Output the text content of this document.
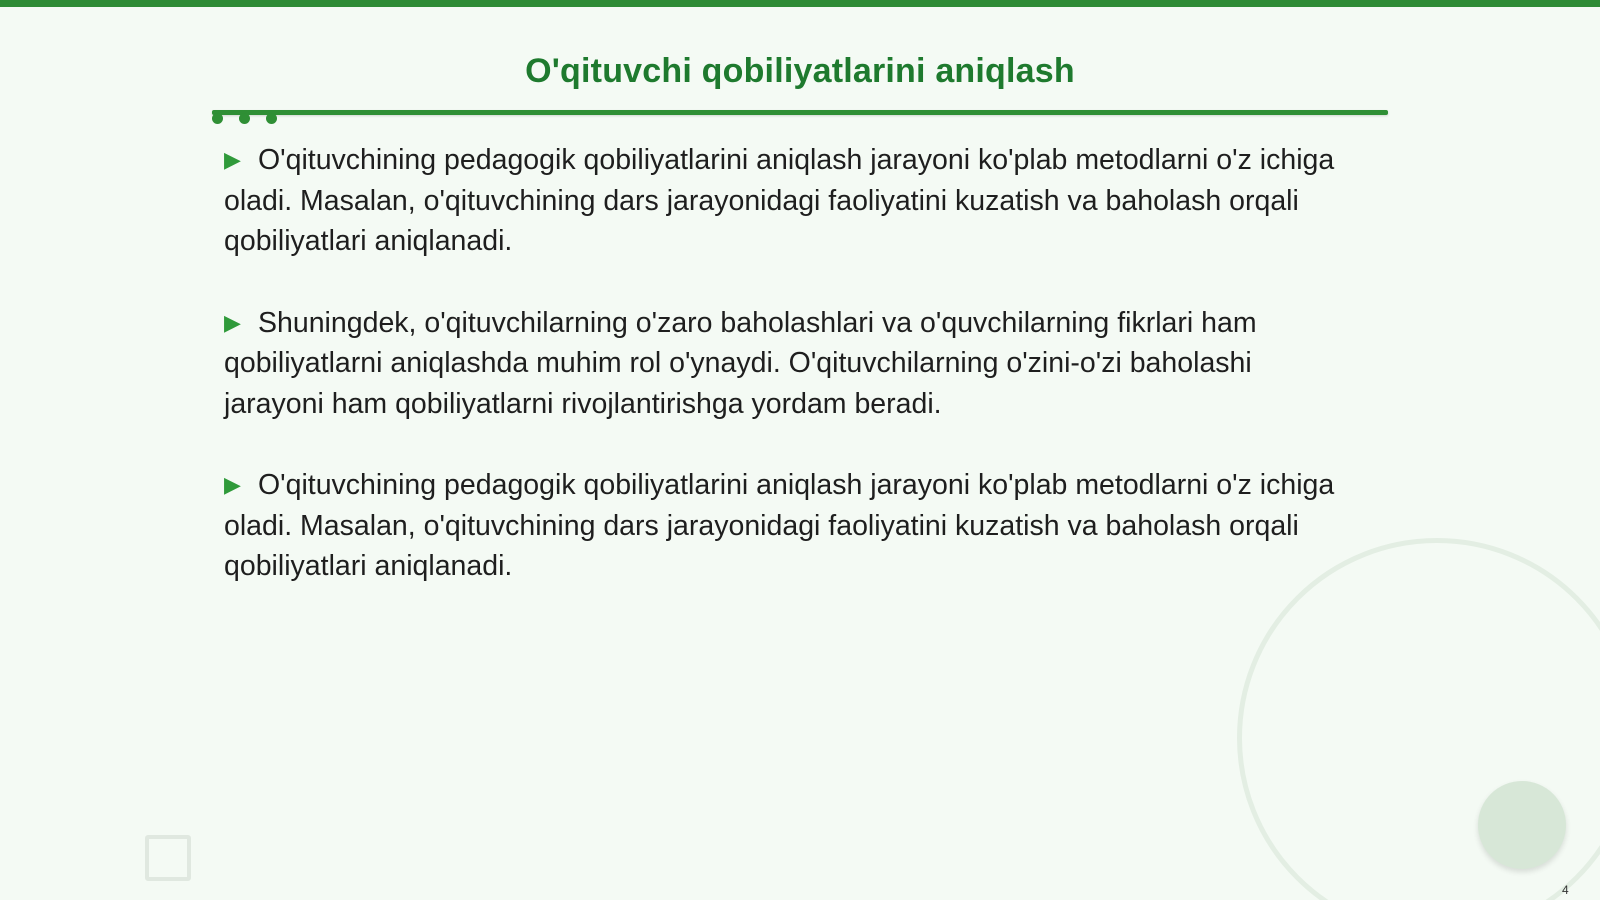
O'qituvchi qobiliyatlarini aniqlash

▶ O'qituvchining pedagogik qobiliyatlarini aniqlash jarayoni ko'plab metodlarni o'z ichiga oladi. Masalan, o'qituvchining dars jarayonidagi faoliyatini kuzatish va baholash orqali qobiliyatlari aniqlanadi.

▶ Shuningdek, o'qituvchilarning o'zaro baholashlari va o'quvchilarning fikrlari ham qobiliyatlarni aniqlashda muhim rol o'ynaydi. O'qituvchilarning o'zini-o'zi baholashi jarayoni ham qobiliyatlarni rivojlantirishga yordam beradi.

▶ O'qituvchining pedagogik qobiliyatlarini aniqlash jarayoni ko'plab metodlarni o'z ichiga oladi. Masalan, o'qituvchining dars jarayonidagi faoliyatini kuzatish va baholash orqali qobiliyatlari aniqlanadi.

4
